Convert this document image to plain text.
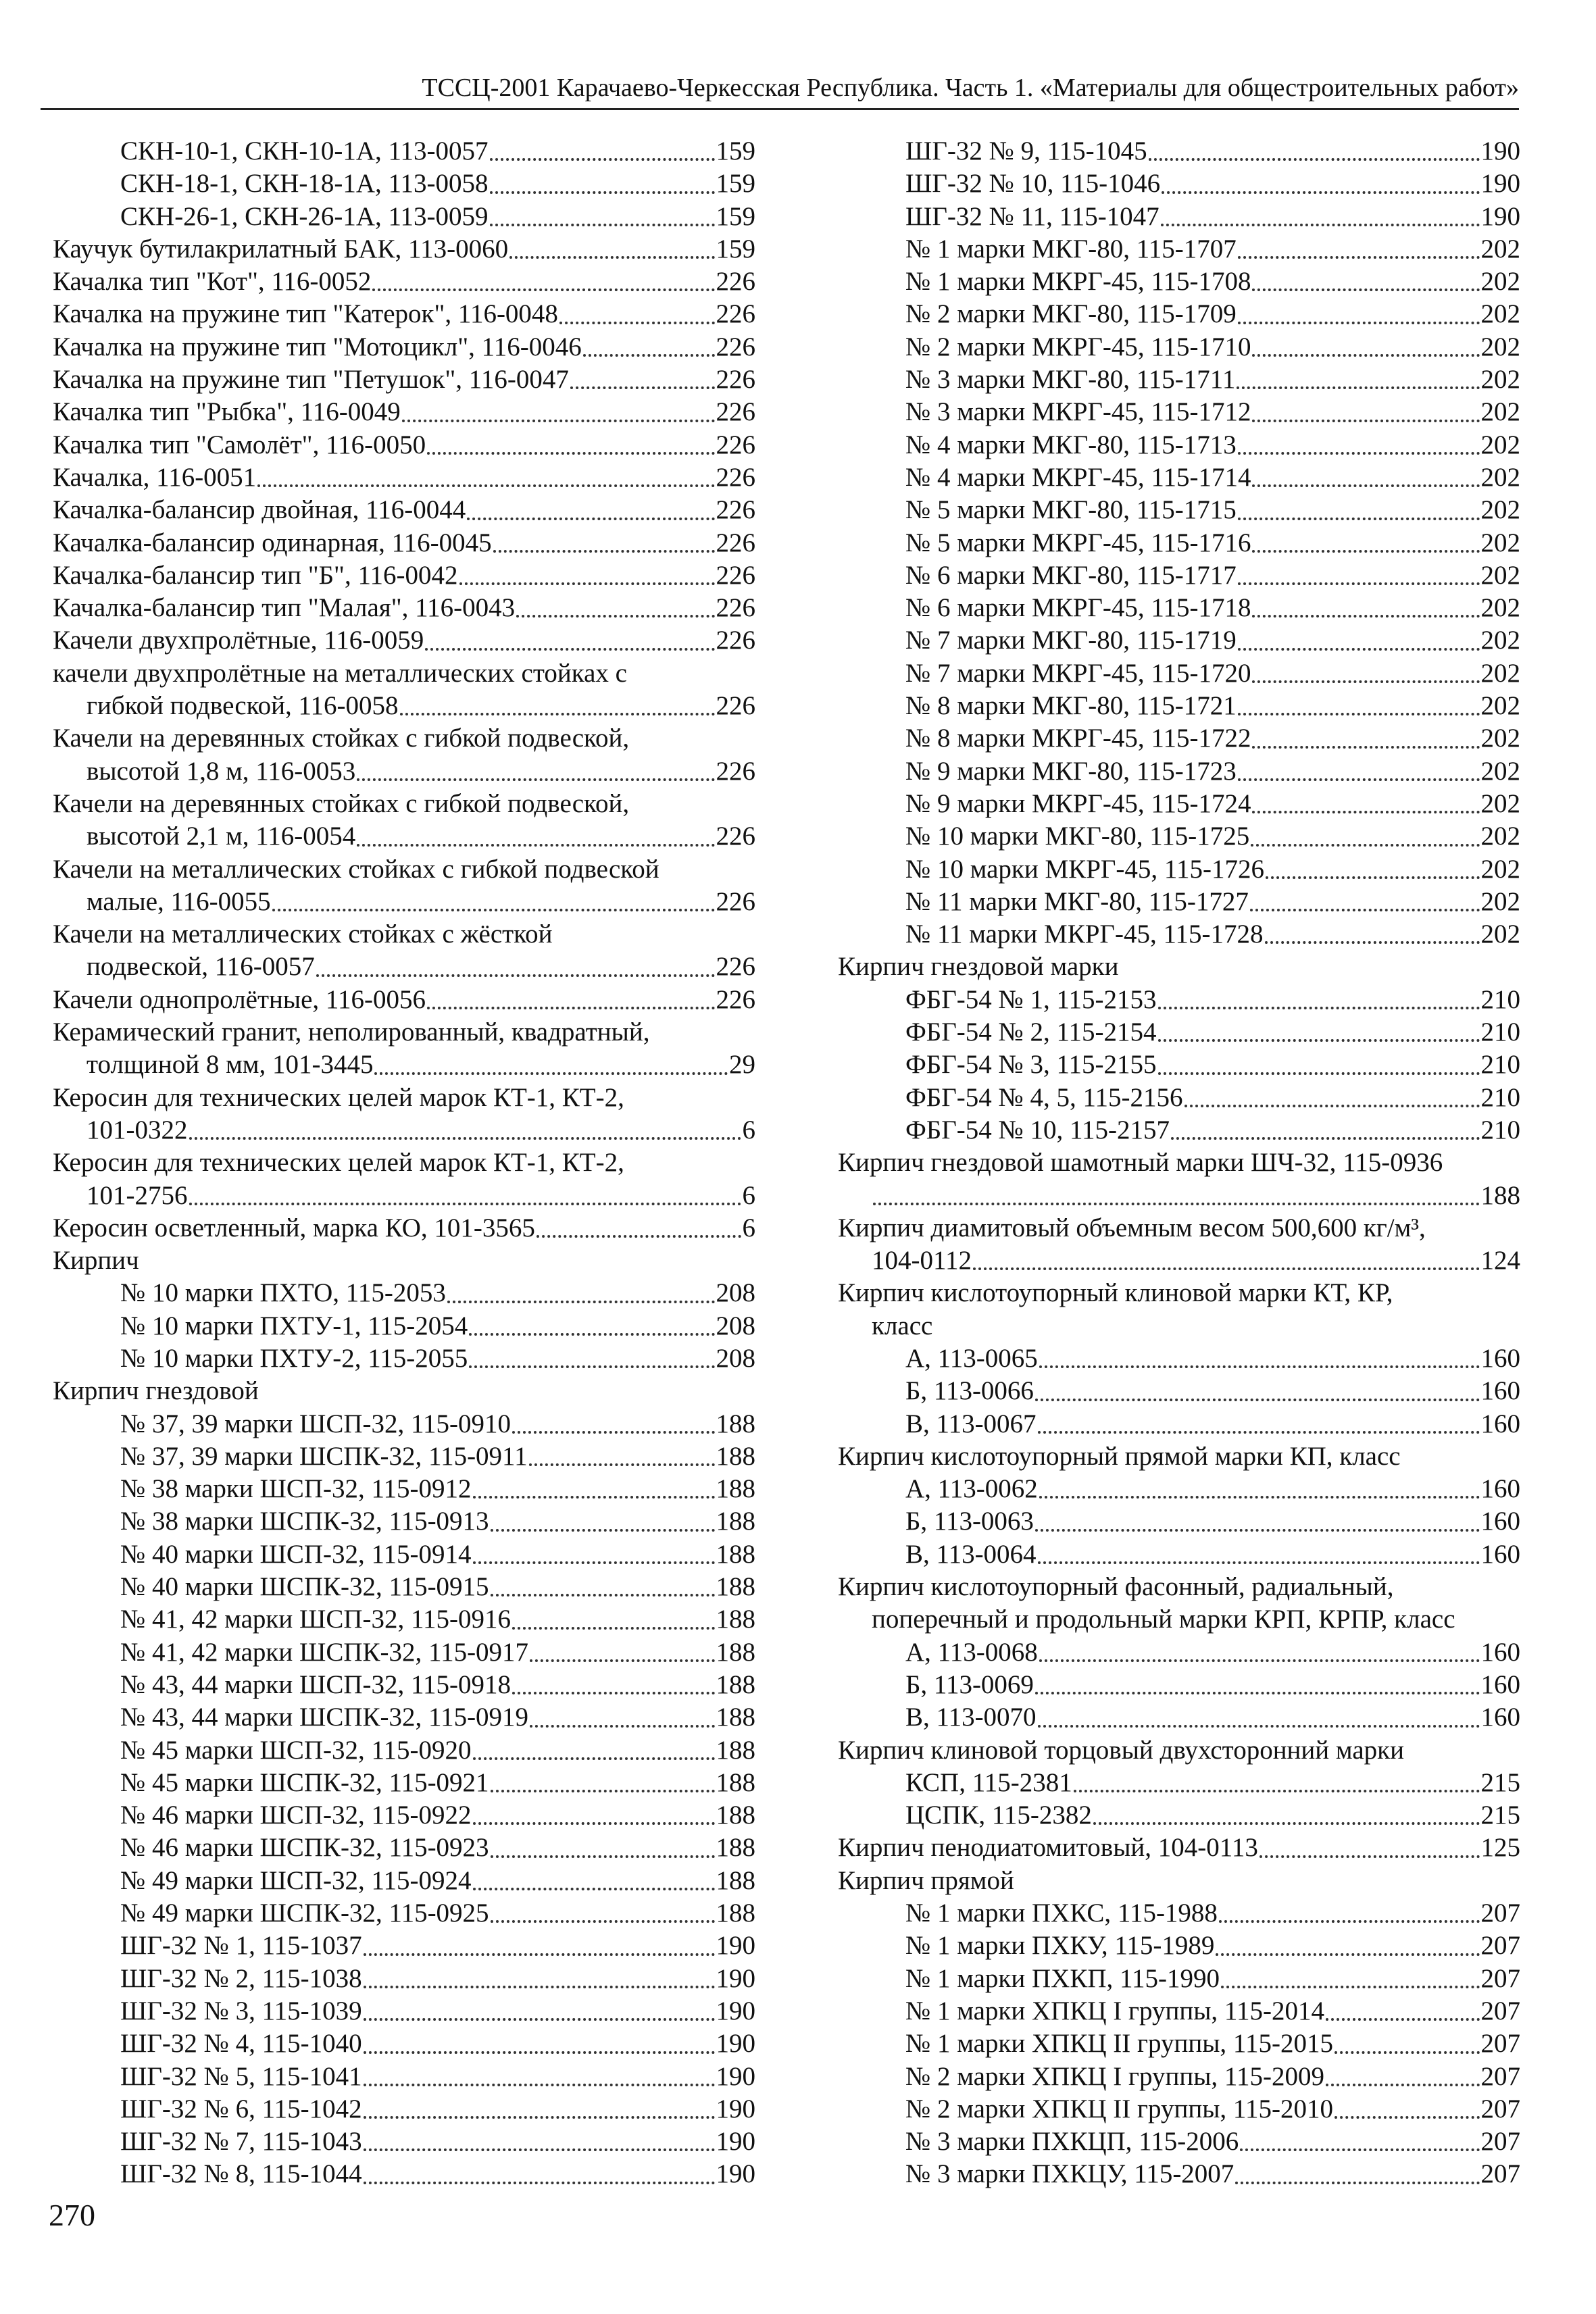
ТССЦ-2001 Карачаево-Черкесская Республика. Часть 1. «Материалы для общестроительных работ»
СКН-10-1, СКН-10-1А, 113-0057	159
СКН-18-1, СКН-18-1А, 113-0058	159
СКН-26-1, СКН-26-1А, 113-0059	159
Каучук бутилакрилатный БАК, 113-0060	159
Качалка тип "Кот", 116-0052	226
Качалка на пружине тип "Катерок", 116-0048	226
Качалка на пружине тип "Мотоцикл", 116-0046	226
Качалка на пружине тип "Петушок", 116-0047	226
Качалка тип "Рыбка", 116-0049	226
Качалка тип "Самолёт", 116-0050	226
Качалка, 116-0051	226
Качалка-балансир двойная, 116-0044	226
Качалка-балансир одинарная, 116-0045	226
Качалка-балансир тип "Б", 116-0042	226
Качалка-балансир тип "Малая", 116-0043	226
Качели двухпролётные, 116-0059	226
качели двухпролётные на металлических стойках с
гибкой подвеской, 116-0058	226
Качели на деревянных стойках с гибкой подвеской,
высотой 1,8 м, 116-0053	226
Качели на деревянных стойках с гибкой подвеской,
высотой 2,1 м, 116-0054	226
Качели на металлических стойках с гибкой подвеской
малые, 116-0055	226
Качели на металлических стойках с жёсткой
подвеской, 116-0057	226
Качели однопролётные, 116-0056	226
Керамический гранит, неполированный, квадратный,
толщиной 8 мм, 101-3445	29
Керосин для технических целей марок КТ-1, КТ-2,
101-0322	6
Керосин для технических целей марок КТ-1, КТ-2,
101-2756	6
Керосин осветленный, марка КО, 101-3565	6
Кирпич
№ 10 марки ПХТО, 115-2053	208
№ 10 марки ПХТУ-1, 115-2054	208
№ 10 марки ПХТУ-2, 115-2055	208
Кирпич гнездовой
№ 37, 39 марки ШСП-32, 115-0910	188
№ 37, 39 марки ШСПК-32, 115-0911	188
№ 38 марки ШСП-32, 115-0912	188
№ 38 марки ШСПК-32, 115-0913	188
№ 40 марки ШСП-32, 115-0914	188
№ 40 марки ШСПК-32, 115-0915	188
№ 41, 42 марки ШСП-32, 115-0916	188
№ 41, 42 марки ШСПК-32, 115-0917	188
№ 43, 44 марки ШСП-32, 115-0918	188
№ 43, 44 марки ШСПК-32, 115-0919	188
№ 45 марки ШСП-32, 115-0920	188
№ 45 марки ШСПК-32, 115-0921	188
№ 46 марки ШСП-32, 115-0922	188
№ 46 марки ШСПК-32, 115-0923	188
№ 49 марки ШСП-32, 115-0924	188
№ 49 марки ШСПК-32, 115-0925	188
ШГ-32 № 1, 115-1037	190
ШГ-32 № 2, 115-1038	190
ШГ-32 № 3, 115-1039	190
ШГ-32 № 4, 115-1040	190
ШГ-32 № 5, 115-1041	190
ШГ-32 № 6, 115-1042	190
ШГ-32 № 7, 115-1043	190
ШГ-32 № 8, 115-1044	190
ШГ-32 № 9, 115-1045	190
ШГ-32 № 10, 115-1046	190
ШГ-32 № 11, 115-1047	190
№ 1 марки МКГ-80, 115-1707	202
№ 1 марки МКРГ-45, 115-1708	202
№ 2 марки МКГ-80, 115-1709	202
№ 2 марки МКРГ-45, 115-1710	202
№ 3 марки МКГ-80, 115-1711	202
№ 3 марки МКРГ-45, 115-1712	202
№ 4 марки МКГ-80, 115-1713	202
№ 4 марки МКРГ-45, 115-1714	202
№ 5 марки МКГ-80, 115-1715	202
№ 5 марки МКРГ-45, 115-1716	202
№ 6 марки МКГ-80, 115-1717	202
№ 6 марки МКРГ-45, 115-1718	202
№ 7 марки МКГ-80, 115-1719	202
№ 7 марки МКРГ-45, 115-1720	202
№ 8 марки МКГ-80, 115-1721	202
№ 8 марки МКРГ-45, 115-1722	202
№ 9 марки МКГ-80, 115-1723	202
№ 9 марки МКРГ-45, 115-1724	202
№ 10 марки МКГ-80, 115-1725	202
№ 10 марки МКРГ-45, 115-1726	202
№ 11 марки МКГ-80, 115-1727	202
№ 11 марки МКРГ-45, 115-1728	202
Кирпич гнездовой марки
ФБГ-54 № 1, 115-2153	210
ФБГ-54 № 2, 115-2154	210
ФБГ-54 № 3, 115-2155	210
ФБГ-54 № 4, 5, 115-2156	210
ФБГ-54 № 10, 115-2157	210
Кирпич гнездовой шамотный марки ШЧ-32, 115-0936
188
Кирпич диамитовый объемным весом 500,600 кг/м³,
104-0112	124
Кирпич кислотоупорный клиновой марки КТ, КР,
класс
А, 113-0065	160
Б, 113-0066	160
В, 113-0067	160
Кирпич кислотоупорный прямой марки КП, класс
А, 113-0062	160
Б, 113-0063	160
В, 113-0064	160
Кирпич кислотоупорный фасонный, радиальный,
поперечный и продольный марки КРП, КРПР, класс
А, 113-0068	160
Б, 113-0069	160
В, 113-0070	160
Кирпич клиновой торцовый двухсторонний марки
КСП, 115-2381	215
ЦСПК, 115-2382	215
Кирпич пенодиатомитовый, 104-0113	125
Кирпич прямой
№ 1 марки ПХКС, 115-1988	207
№ 1 марки ПХКУ, 115-1989	207
№ 1 марки ПХКП, 115-1990	207
№ 1 марки ХПКЦ I группы, 115-2014	207
№ 1 марки ХПКЦ II группы, 115-2015	207
№ 2 марки ХПКЦ I группы, 115-2009	207
№ 2 марки ХПКЦ II группы, 115-2010	207
№ 3 марки ПХКЦП, 115-2006	207
№ 3 марки ПХКЦУ, 115-2007	207
270
